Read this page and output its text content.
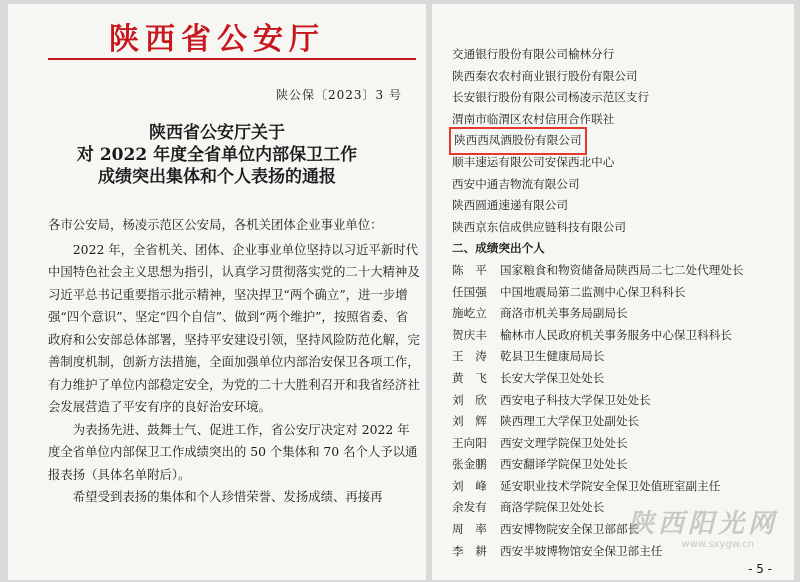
陕西省公安厅
陕公保〔2023〕3 号
陕西省公安厅关于
对 2022 年度全省单位内部保卫工作
成绩突出集体和个人表扬的通报

各市公安局，杨凌示范区公安局，各机关团体企业事业单位：

2022 年，全省机关、团体、企业事业单位坚持以习近平新时代中国特色社会主义思想为指引，认真学习贯彻落实党的二十大精神及习近平总书记重要指示批示精神，坚决捍卫“两个确立”，进一步增强“四个意识”、坚定“四个自信”、做到“两个维护”，按照省委、省政府和公安部总体部署，坚持平安建设引领，坚持风险防范化解，完善制度机制，创新方法措施，全面加强单位内部治安保卫各项工作，有力维护了单位内部稳定安全，为党的二十大胜利召开和我省经济社会发展营造了平安有序的良好治安环境。

为表扬先进、鼓舞士气、促进工作，省公安厅决定对 2022 年度全省单位内部保卫工作成绩突出的 50 个集体和 70 名个人予以通报表扬（具体名单附后）。

希望受到表扬的集体和个人珍惜荣誉、发扬成绩、再接再

交通银行股份有限公司榆林分行
陕西秦农农村商业银行股份有限公司
长安银行股份有限公司杨凌示范区支行
渭南市临渭区农村信用合作联社
陕西西凤酒股份有限公司
顺丰速运有限公司安保西北中心
西安中通吉物流有限公司
陕西圆通速递有限公司
陕西京东信成供应链科技有限公司
二、成绩突出个人
陈　平	国家粮食和物资储备局陕西局二七二处代理处长
任国强	中国地震局第二监测中心保卫科科长
施屹立	商洛市机关事务局副局长
贺庆丰	榆林市人民政府机关事务服务中心保卫科科长
王　涛	乾县卫生健康局局长
黄　飞	长安大学保卫处处长
刘　欣	西安电子科技大学保卫处处长
刘　辉	陕西理工大学保卫处副处长
王向阳	西安文理学院保卫处处长
张金鹏	西安翻译学院保卫处处长
刘　峰	延安职业技术学院安全保卫处值班室副主任
余发有	商洛学院保卫处处长
周　率	西安博物院安全保卫部部长
李　耕	西安半坡博物馆安全保卫部主任
陕西阳光网
www.sxygw.cn
- 5 -
